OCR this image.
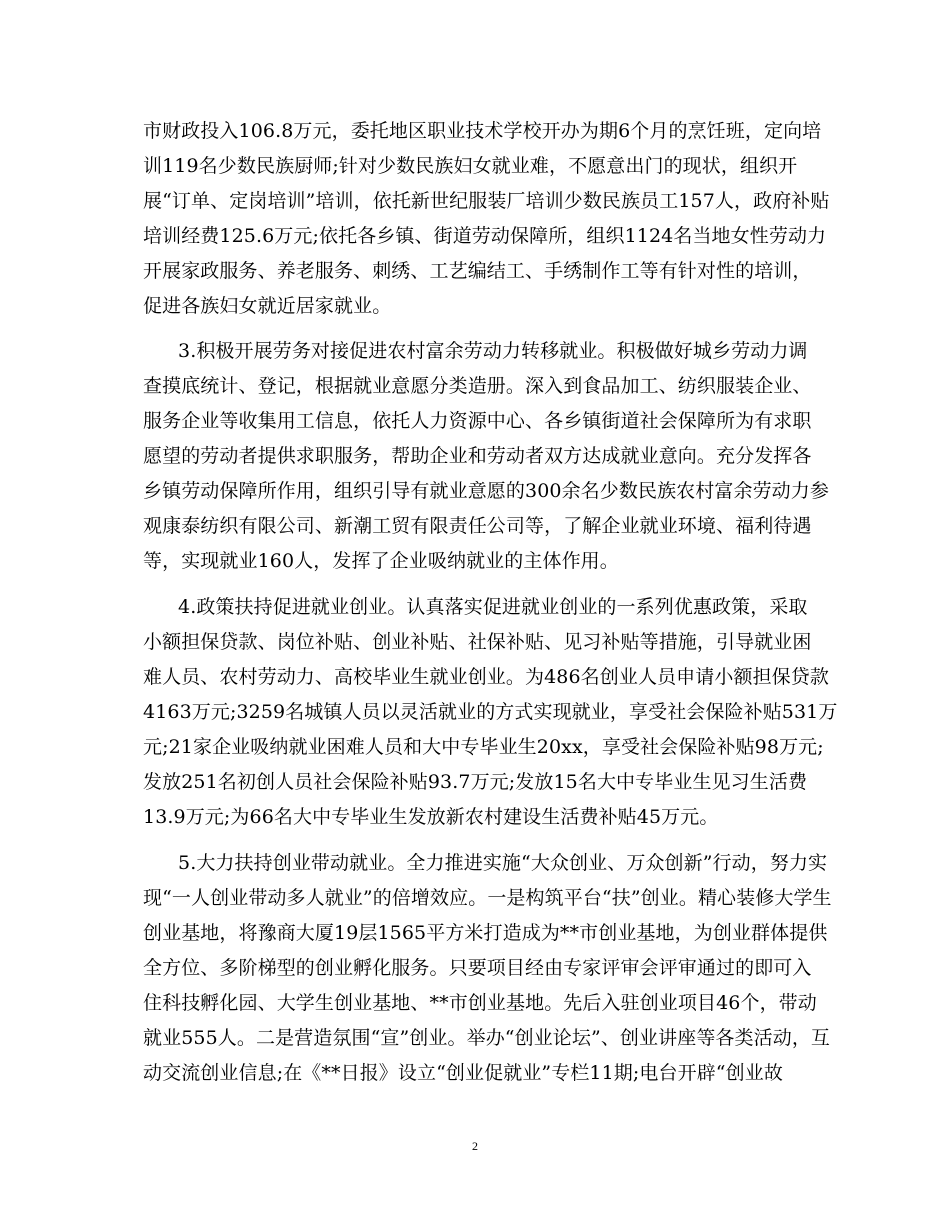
市财政投入106.8万元，委托地区职业技术学校开办为期6个月的烹饪班，定向培
训119名少数民族厨师;针对少数民族妇女就业难，不愿意出门的现状，组织开
展“订单、定岗培训”培训，依托新世纪服装厂培训少数民族员工157人，政府补贴
培训经费125.6万元;依托各乡镇、街道劳动保障所，组织1124名当地女性劳动力
开展家政服务、养老服务、刺绣、工艺编结工、手绣制作工等有针对性的培训，
促进各族妇女就近居家就业。
3.积极开展劳务对接促进农村富余劳动力转移就业。积极做好城乡劳动力调
查摸底统计、登记，根据就业意愿分类造册。深入到食品加工、纺织服装企业、
服务企业等收集用工信息，依托人力资源中心、各乡镇街道社会保障所为有求职
愿望的劳动者提供求职服务，帮助企业和劳动者双方达成就业意向。充分发挥各
乡镇劳动保障所作用，组织引导有就业意愿的300余名少数民族农村富余劳动力参
观康泰纺织有限公司、新潮工贸有限责任公司等，了解企业就业环境、福利待遇
等，实现就业160人，发挥了企业吸纳就业的主体作用。
4.政策扶持促进就业创业。认真落实促进就业创业的一系列优惠政策，采取
小额担保贷款、岗位补贴、创业补贴、社保补贴、见习补贴等措施，引导就业困
难人员、农村劳动力、高校毕业生就业创业。为486名创业人员申请小额担保贷款
4163万元;3259名城镇人员以灵活就业的方式实现就业，享受社会保险补贴531万
元;21家企业吸纳就业困难人员和大中专毕业生20xx，享受社会保险补贴98万元;
发放251名初创人员社会保险补贴93.7万元;发放15名大中专毕业生见习生活费
13.9万元;为66名大中专毕业生发放新农村建设生活费补贴45万元。
5.大力扶持创业带动就业。全力推进实施“大众创业、万众创新”行动，努力实
现“一人创业带动多人就业”的倍增效应。一是构筑平台“扶”创业。精心装修大学生
创业基地，将豫商大厦19层1565平方米打造成为**市创业基地，为创业群体提供
全方位、多阶梯型的创业孵化服务。只要项目经由专家评审会评审通过的即可入
住科技孵化园、大学生创业基地、**市创业基地。先后入驻创业项目46个，带动
就业555人。二是营造氛围“宣”创业。举办“创业论坛”、创业讲座等各类活动，互
动交流创业信息;在《**日报》设立“创业促就业”专栏11期;电台开辟“创业故
2
